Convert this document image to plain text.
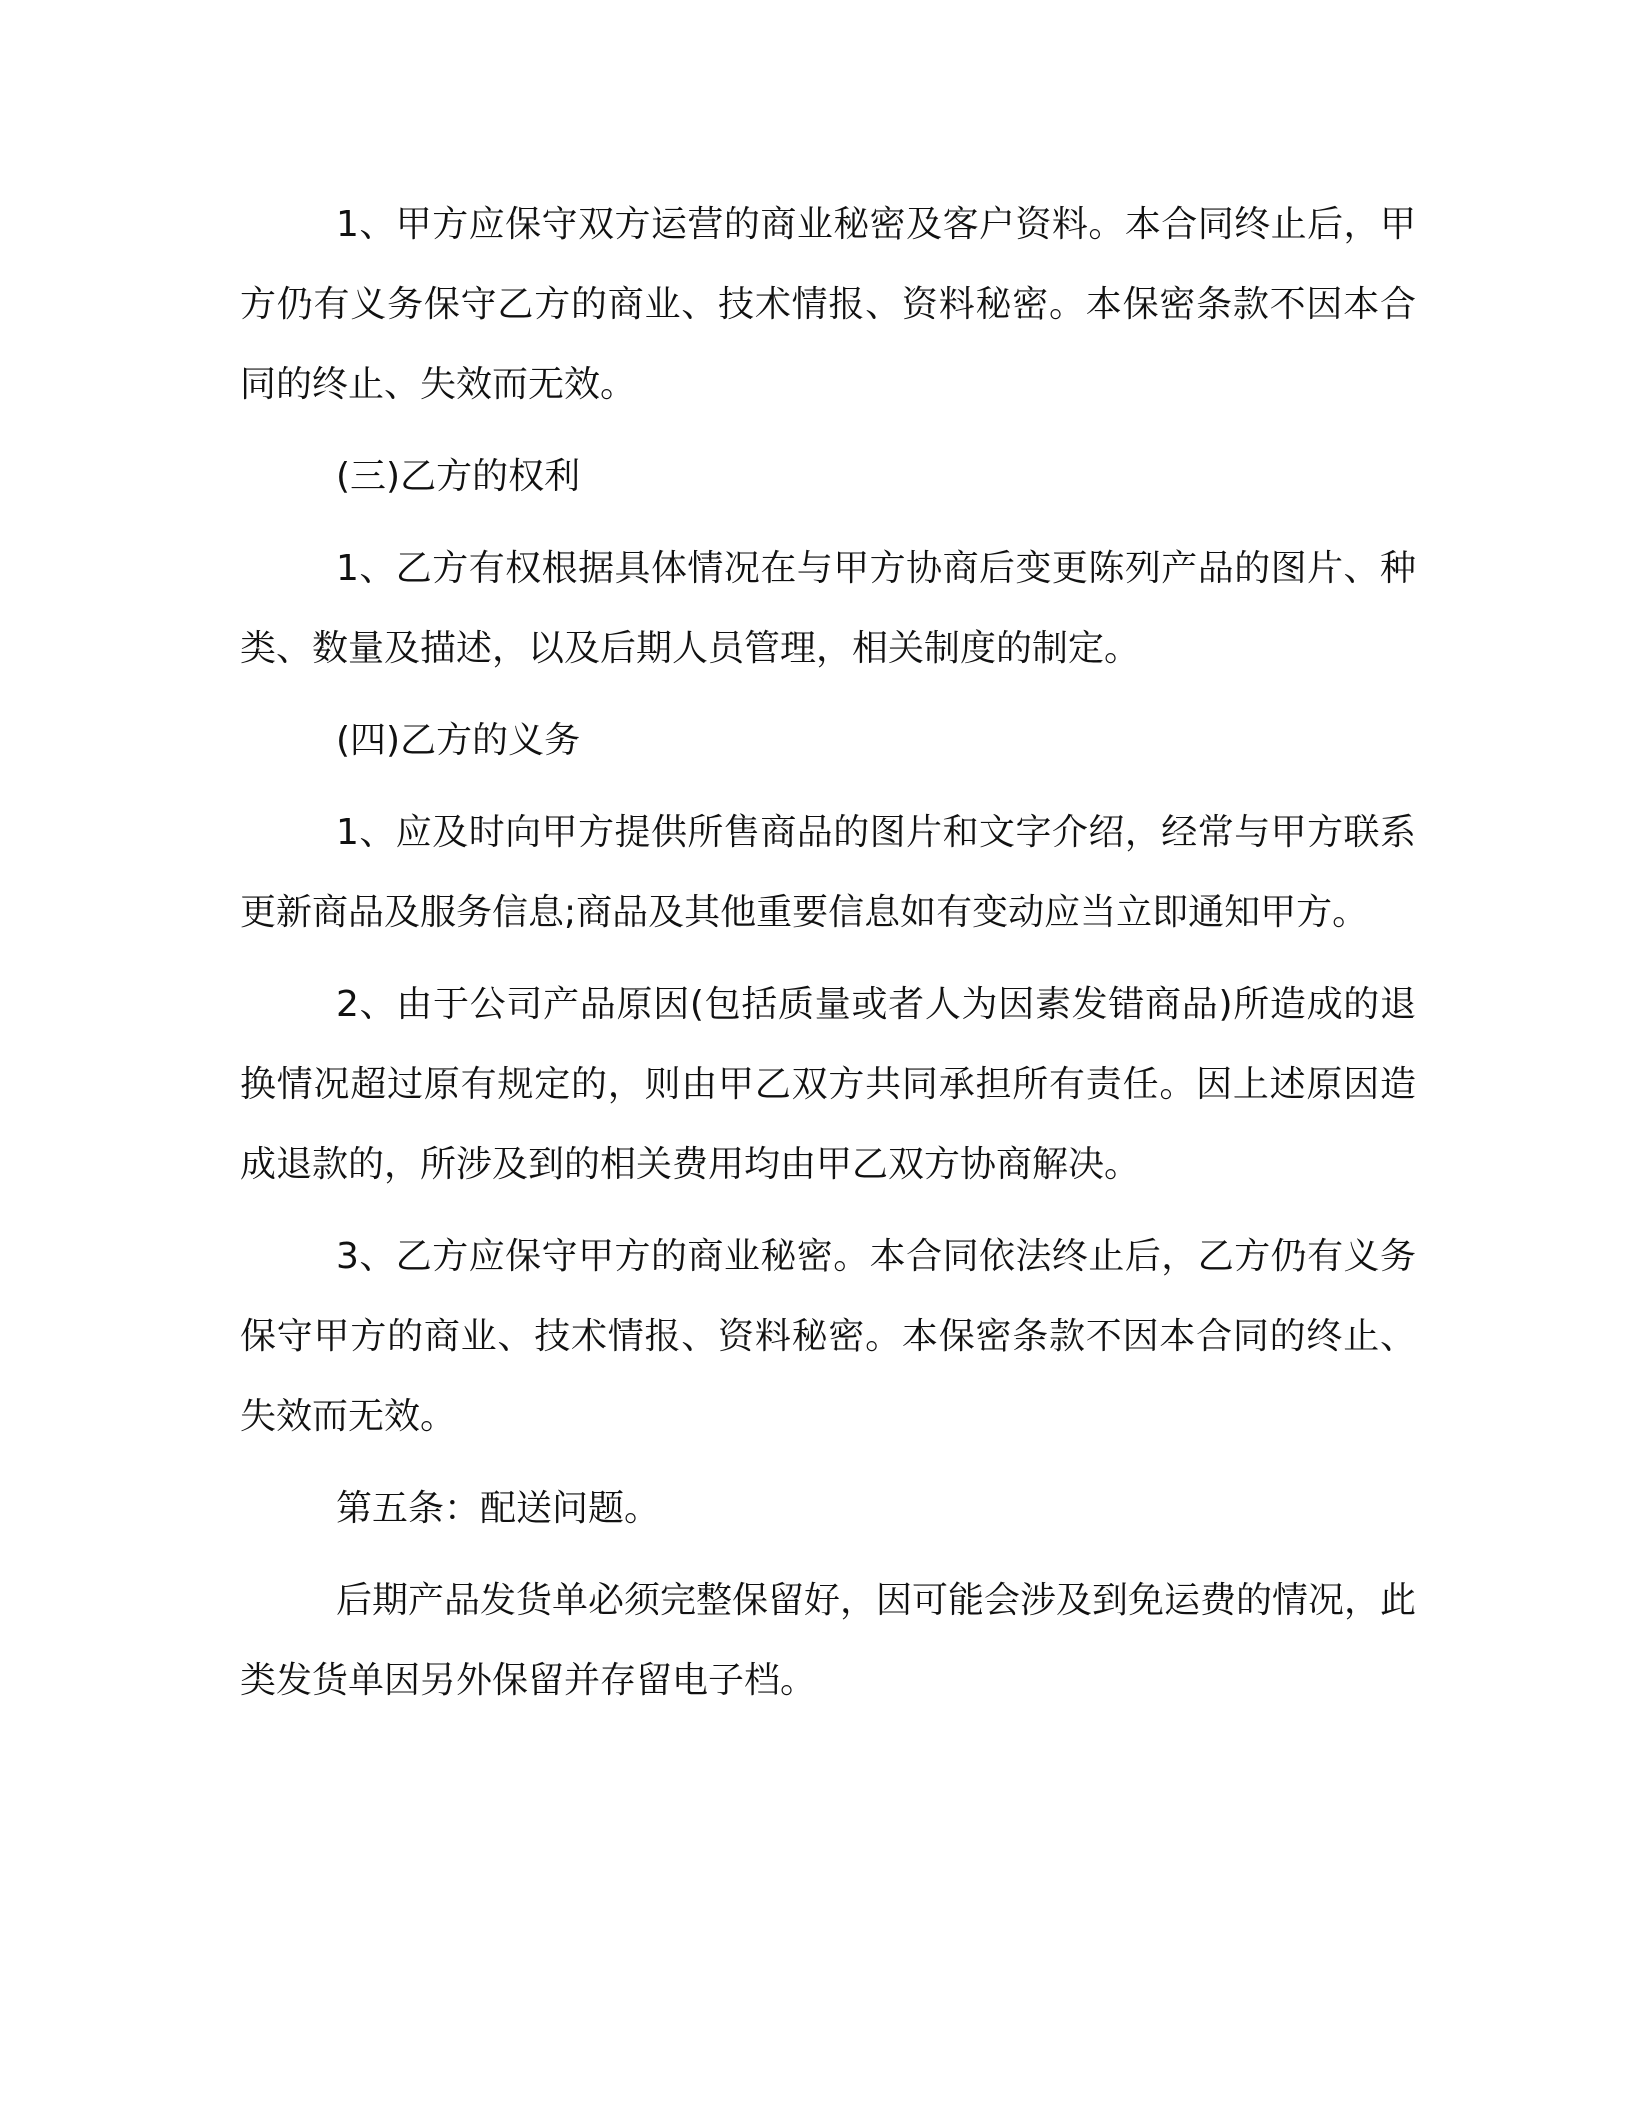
1、甲方应保守双方运营的商业秘密及客户资料。本合同终止后，甲方仍有义务保守乙方的商业、技术情报、资料秘密。本保密条款不因本合同的终止、失效而无效。

(三)乙方的权利

1、乙方有权根据具体情况在与甲方协商后变更陈列产品的图片、种类、数量及描述，以及后期人员管理，相关制度的制定。

(四)乙方的义务

1、应及时向甲方提供所售商品的图片和文字介绍，经常与甲方联系更新商品及服务信息;商品及其他重要信息如有变动应当立即通知甲方。

2、由于公司产品原因(包括质量或者人为因素发错商品)所造成的退换情况超过原有规定的，则由甲乙双方共同承担所有责任。因上述原因造成退款的，所涉及到的相关费用均由甲乙双方协商解决。

3、乙方应保守甲方的商业秘密。本合同依法终止后，乙方仍有义务保守甲方的商业、技术情报、资料秘密。本保密条款不因本合同的终止、失效而无效。

第五条：配送问题。

后期产品发货单必须完整保留好，因可能会涉及到免运费的情况，此类发货单因另外保留并存留电子档。
